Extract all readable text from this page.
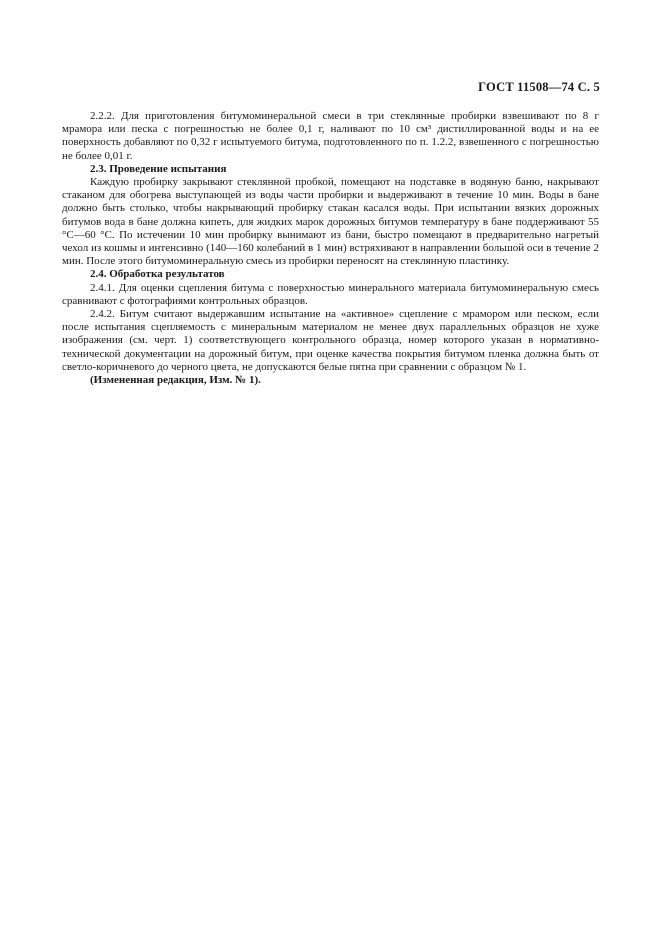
ГОСТ 11508—74 С. 5

2.2.2. Для приготовления битумоминеральной смеси в три стеклянные пробирки взвешивают по 8 г мрамора или песка с погрешностью не более 0,1 г, наливают по 10 см³ дистиллированной воды и на ее поверхность добавляют по 0,32 г испытуемого битума, подготовленного по п. 1.2.2, взвешенного с погрешностью не более 0,01 г.

2.3. Проведение испытания

Каждую пробирку закрывают стеклянной пробкой, помещают на подставке в водяную баню, накрывают стаканом для обогрева выступающей из воды части пробирки и выдерживают в течение 10 мин. Воды в бане должно быть столько, чтобы накрывающий пробирку стакан касался воды. При испытании вязких дорожных битумов вода в бане должна кипеть, для жидких марок дорожных битумов температуру в бане поддерживают 55 °С—60 °С. По истечении 10 мин пробирку вынимают из бани, быстро помещают в предварительно нагретый чехол из кошмы и интенсивно (140—160 колебаний в 1 мин) встряхивают в направлении большой оси в течение 2 мин. После этого битумоминеральную смесь из пробирки переносят на стеклянную пластинку.

2.4. Обработка результатов

2.4.1. Для оценки сцепления битума с поверхностью минерального материала битумоминеральную смесь сравнивают с фотографиями контрольных образцов.

2.4.2. Битум считают выдержавшим испытание на «активное» сцепление с мрамором или песком, если после испытания сцепляемость с минеральным материалом не менее двух параллельных образцов не хуже изображения (см. черт. 1) соответствующего контрольного образца, номер которого указан в нормативно-технической документации на дорожный битум, при оценке качества покрытия битумом пленка должна быть от светло-коричневого до черного цвета, не допускаются белые пятна при сравнении с образцом № 1.

(Измененная редакция, Изм. № 1).
